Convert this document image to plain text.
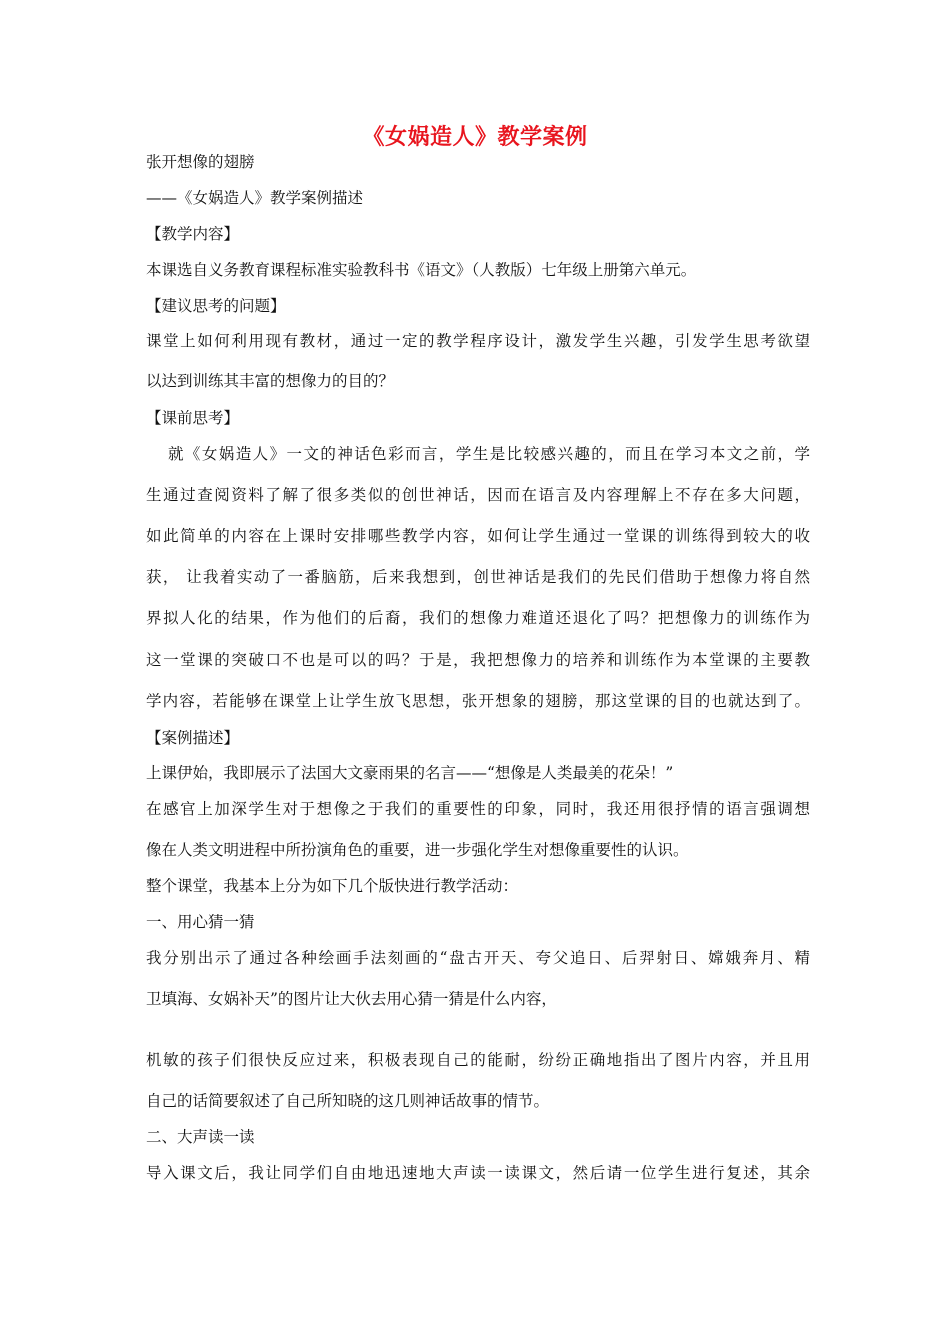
《女娲造人》教学案例
张开想像的翅膀
——《女娲造人》教学案例描述
【教学内容】
本课选自义务教育课程标准实验教科书《语文》（人教版）七年级上册第六单元。
【建议思考的问题】
课堂上如何利用现有教材，通过一定的教学程序设计，激发学生兴趣，引发学生思考欲望
以达到训练其丰富的想像力的目的？
【课前思考】
就《女娲造人》一文的神话色彩而言，学生是比较感兴趣的，而且在学习本文之前，学
生通过查阅资料了解了很多类似的创世神话，因而在语言及内容理解上不存在多大问题，
如此简单的内容在上课时安排哪些教学内容，如何让学生通过一堂课的训练得到较大的收
获， 让我着实动了一番脑筋，后来我想到，创世神话是我们的先民们借助于想像力将自然
界拟人化的结果，作为他们的后裔，我们的想像力难道还退化了吗？把想像力的训练作为
这一堂课的突破口不也是可以的吗？于是，我把想像力的培养和训练作为本堂课的主要教
学内容，若能够在课堂上让学生放飞思想，张开想象的翅膀，那这堂课的目的也就达到了。
【案例描述】
上课伊始，我即展示了法国大文豪雨果的名言——“想像是人类最美的花朵！”
在感官上加深学生对于想像之于我们的重要性的印象，同时，我还用很抒情的语言强调想
像在人类文明进程中所扮演角色的重要，进一步强化学生对想像重要性的认识。
整个课堂，我基本上分为如下几个版快进行教学活动：
一、用心猜一猜
我分别出示了通过各种绘画手法刻画的“盘古开天、夸父追日、后羿射日、嫦娥奔月、精
卫填海、女娲补天”的图片让大伙去用心猜一猜是什么内容，
机敏的孩子们很快反应过来，积极表现自己的能耐，纷纷正确地指出了图片内容，并且用
自己的话简要叙述了自己所知晓的这几则神话故事的情节。
二、大声读一读
导入课文后，我让同学们自由地迅速地大声读一读课文，然后请一位学生进行复述，其余
